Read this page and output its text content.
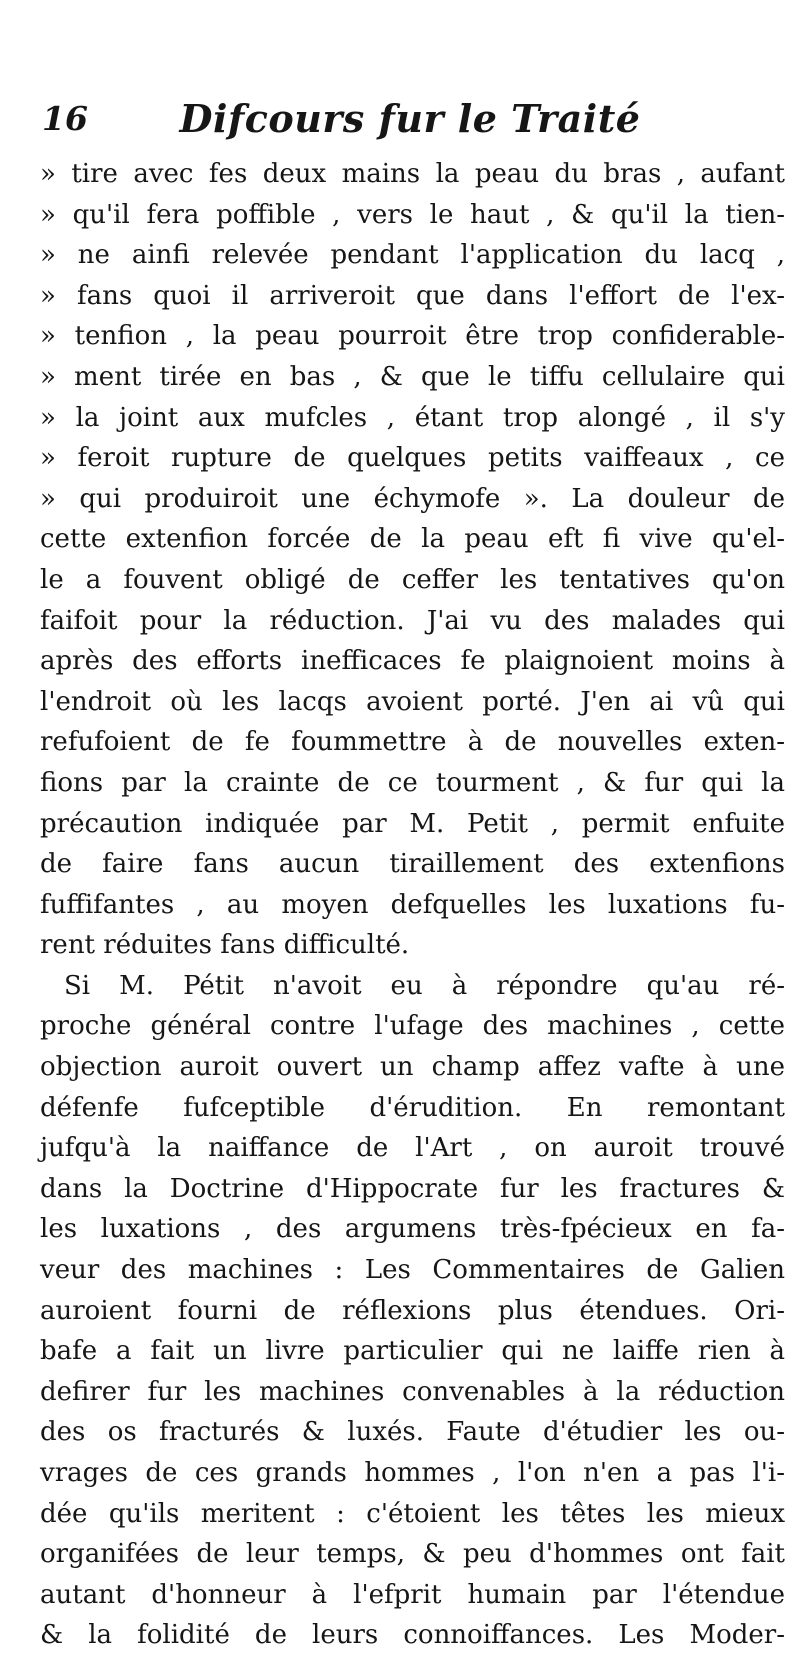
16	Difcours fur le Traité
» tire avec fes deux mains la peau du bras , aufant
» qu'il fera poffible , vers le haut , & qu'il la tien-
» ne ainfi relevée pendant l'application du lacq ,
» fans quoi il arriveroit que dans l'effort de l'ex-
» tenfion , la peau pourroit être trop confiderable-
» ment tirée en bas , & que le tiffu cellulaire qui
» la joint aux mufcles , étant trop alongé , il s'y
» feroit rupture de quelques petits vaiffeaux , ce
» qui produiroit une échymofe ». La douleur de
cette extenfion forcée de la peau eft fi vive qu'el-
le a fouvent obligé de ceffer les tentatives qu'on
faifoit pour la réduction. J'ai vu des malades qui
après des efforts inefficaces fe plaignoient moins à
l'endroit où les lacqs avoient porté. J'en ai vû qui
refufoient de fe foummettre à de nouvelles exten-
fions par la crainte de ce tourment , & fur qui la
précaution indiquée par M. Petit , permit enfuite
de faire fans aucun tiraillement des extenfions
fuffifantes , au moyen defquelles les luxations fu-
rent réduites fans difficulté.
Si M. Pétit n'avoit eu à répondre qu'au ré-
proche général contre l'ufage des machines , cette
objection auroit ouvert un champ affez vafte à une
défenfe fufceptible d'érudition. En remontant
jufqu'à la naiffance de l'Art , on auroit trouvé
dans la Doctrine d'Hippocrate fur les fractures &
les luxations , des argumens très-fpécieux en fa-
veur des machines : Les Commentaires de Galien
auroient fourni de réflexions plus étendues. Ori-
bafe a fait un livre particulier qui ne laiffe rien à
defirer fur les machines convenables à la réduction
des os fracturés & luxés. Faute d'étudier les ou-
vrages de ces grands hommes , l'on n'en a pas l'i-
dée qu'ils meritent : c'étoient les têtes les mieux
organifées de leur temps, & peu d'hommes ont fait
autant d'honneur à l'efprit humain par l'étendue
& la folidité de leurs connoiffances. Les Moder-
